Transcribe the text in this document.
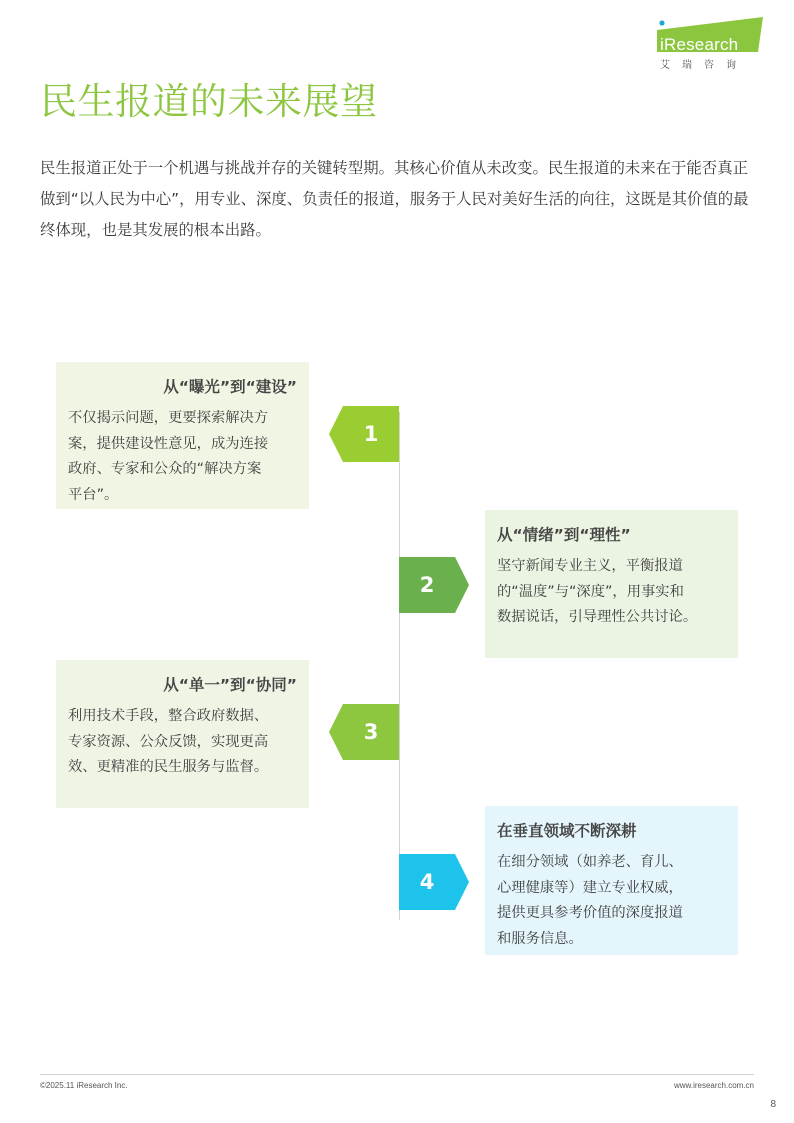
iResearch
艾瑞咨询
民生报道的未来展望

民生报道正处于一个机遇与挑战并存的关键转型期。其核心价值从未改变。民生报道的未来在于能否真正做到“以人民为中心”，用专业、深度、负责任的报道，服务于人民对美好生活的向往，这既是其价值的最终体现，也是其发展的根本出路。

从“曝光”到“建设”
不仅揭示问题，更要探索解决方
案，提供建设性意见，成为连接
政府、专家和公众的“解决方案
平台”。
1
从“情绪”到“理性”
坚守新闻专业主义，平衡报道
的“温度”与“深度”，用事实和
数据说话，引导理性公共讨论。
2
从“单一”到“协同”
利用技术手段，整合政府数据、
专家资源、公众反馈，实现更高
效、更精准的民生服务与监督。
3
在垂直领域不断深耕
在细分领域（如养老、育儿、
心理健康等）建立专业权威，
提供更具参考价值的深度报道
和服务信息。
4
©2025.11 iResearch Inc.	www.iresearch.com.cn
8
